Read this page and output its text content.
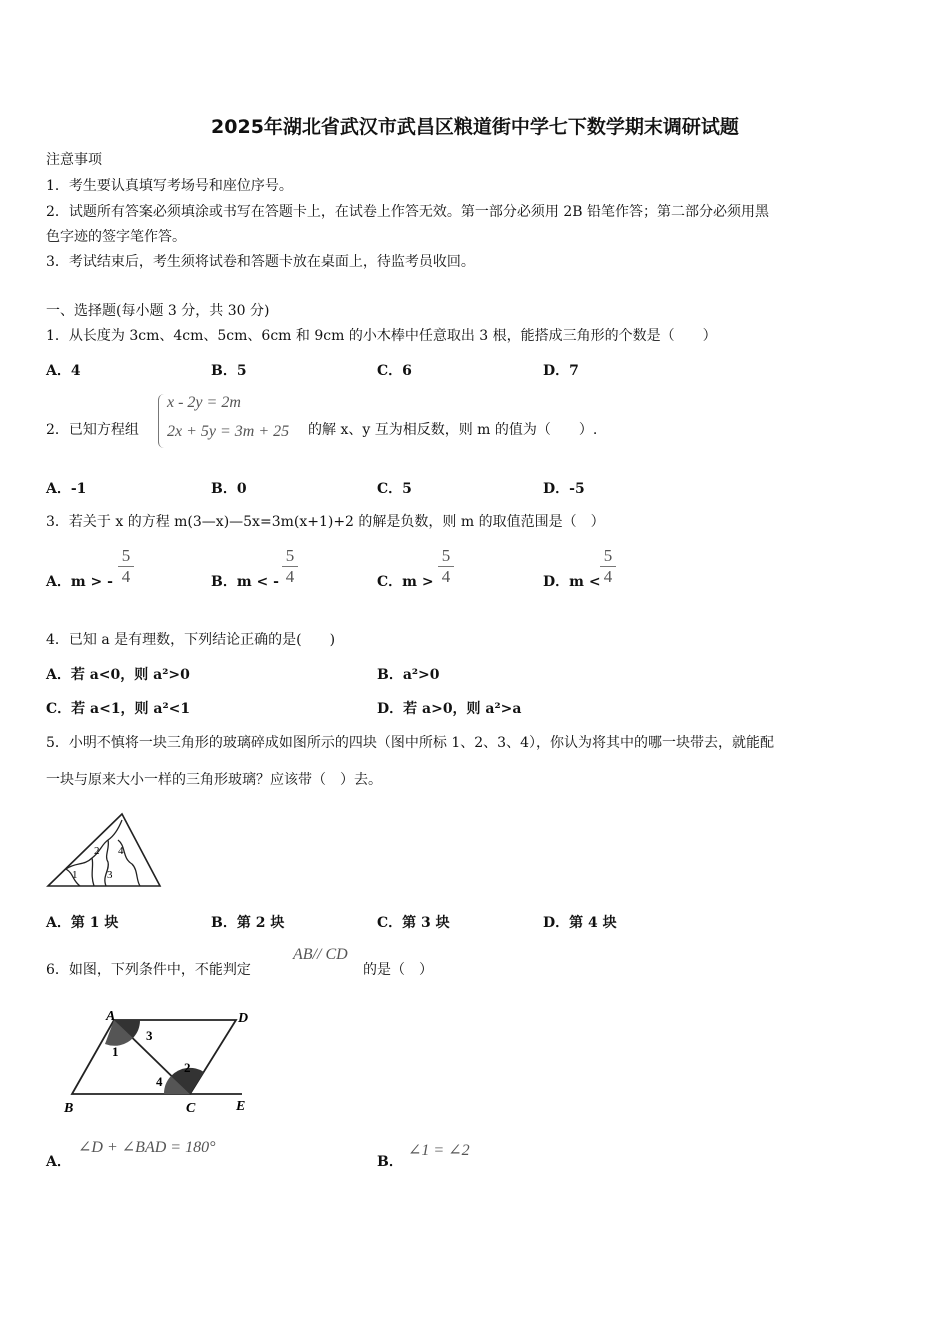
2025年湖北省武汉市武昌区粮道街中学七下数学期末调研试题
注意事项
1．考生要认真填写考场号和座位序号。
2．试题所有答案必须填涂或书写在答题卡上，在试卷上作答无效。第一部分必须用 2B 铅笔作答；第二部分必须用黑
色字迹的签字笔作答。
3．考试结束后，考生须将试卷和答题卡放在桌面上，待监考员收回。
一、选择题(每小题 3 分，共 30 分)
1．从长度为 3cm、4cm、5cm、6cm 和 9cm 的小木棒中任意取出 3 根，能搭成三角形的个数是（　　）
A．4	B．5	C．6	D．7
2．已知方程组
x - 2y = 2m
2x + 5y = 3m + 25 的解 x、y 互为相反数，则 m 的值为（　　）.
A．-1	B．0	C．5	D．-5
3．若关于 x 的方程 m(3—x)—5x=3m(x+1)+2 的解是负数，则 m 的取值范围是（　）
A．m > - $\frac{5}{4}$	B．m < - $\frac{5}{4}$	C．$m > \frac{5}{4}$	D．$m < \frac{5}{4}$
4．已知 a 是有理数，下列结论正确的是(　　)
A．若 a<0，则 a²>0	B．a²>0
C．若 a<1，则 a²<1	D．若 a>0，则 a²>a
5．小明不慎将一块三角形的玻璃碎成如图所示的四块（图中所标 1、2、3、4），你认为将其中的哪一块带去，就能配
一块与原来大小一样的三角形玻璃？应该带（　）去。
1
2
3
4
A．第 1 块	B．第 2 块	C．第 3 块	D．第 4 块
6．如图，下列条件中，不能判定
AB// CD
的是（　）
A	D
B	C	E
1
2
3
4
A．
∠D + ∠BAD = 180°
B．
∠1 = ∠2
